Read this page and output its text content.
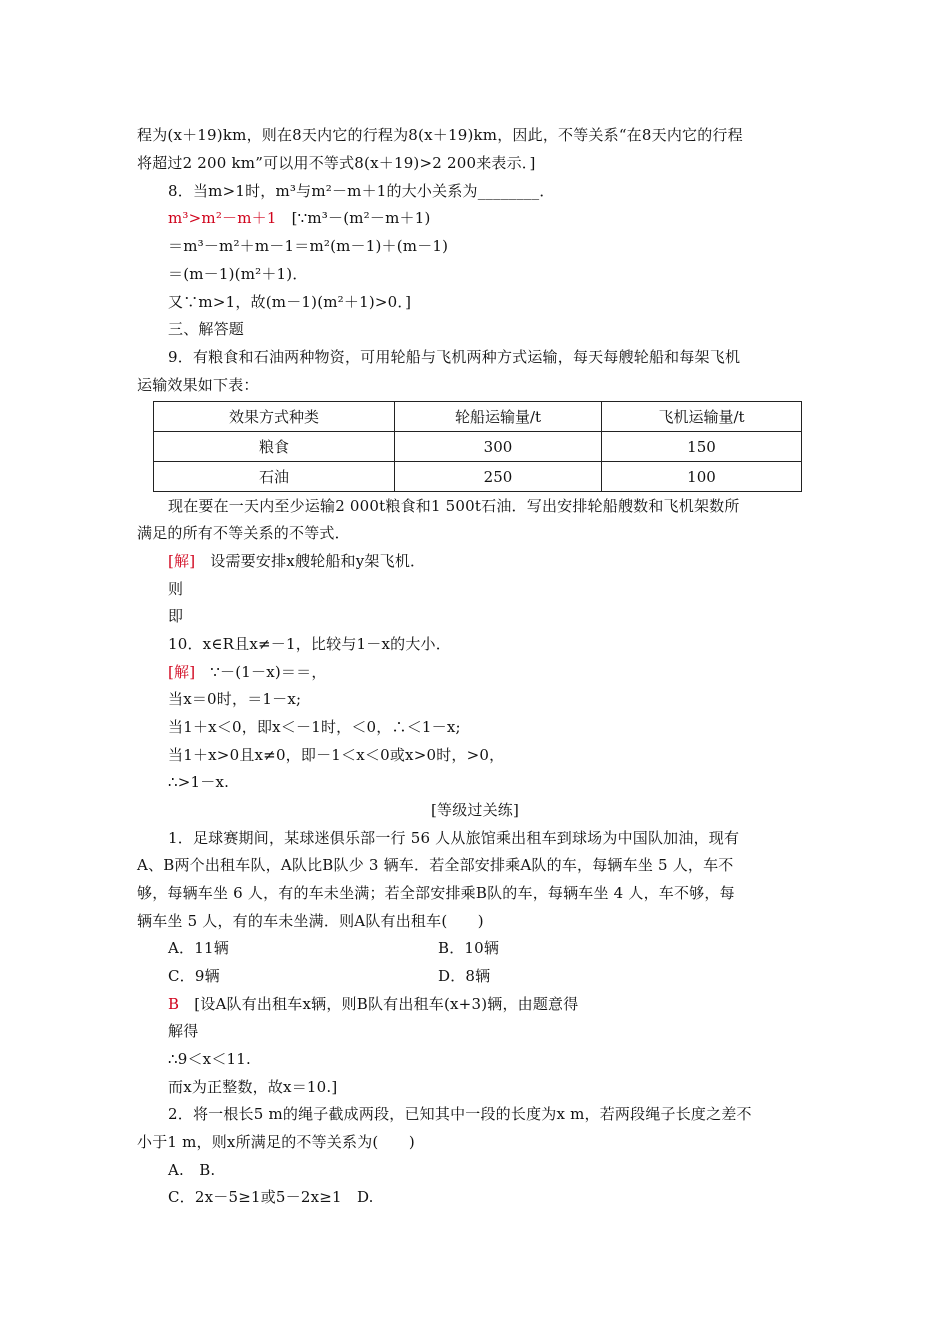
程为(x＋19)km，则在8天内它的行程为8(x＋19)km，因此，不等关系“在8天内它的行程
将超过2 200 km”可以用不等式8(x＋19)>2 200来表示．]
8．当m>1时，m³与m²－m＋1的大小关系为________．
m³>m²－m＋1 [∵m³－(m²－m＋1)
＝m³－m²＋m－1＝m²(m－1)＋(m－1)
＝(m－1)(m²＋1)．
又∵m>1，故(m－1)(m²＋1)>0．]
三、解答题
9．有粮食和石油两种物资，可用轮船与飞机两种方式运输，每天每艘轮船和每架飞机
运输效果如下表：
效果方式种类	轮船运输量/t	飞机运输量/t
粮食	300	150
石油	250	100
现在要在一天内至少运输2 000t粮食和1 500t石油．写出安排轮船艘数和飞机架数所
满足的所有不等关系的不等式．
[解] 设需要安排x艘轮船和y架飞机．
则
即
10．x∈R且x≠－1，比较与1－x的大小．
[解] ∵－(1－x)＝＝，
当x＝0时，＝1－x;
当1＋x＜0，即x＜－1时，＜0，∴＜1－x;
当1＋x>0且x≠0，即－1＜x＜0或x>0时，>0，
∴>1－x.
[等级过关练]
1．足球赛期间，某球迷俱乐部一行 56 人从旅馆乘出租车到球场为中国队加油，现有
A、B两个出租车队，A队比B队少 3 辆车．若全部安排乘A队的车，每辆车坐 5 人，车不
够，每辆车坐 6 人，有的车未坐满；若全部安排乘B队的车，每辆车坐 4 人，车不够，每
辆车坐 5 人，有的车未坐满．则A队有出租车(　　)
A．11辆	B．10辆
C．9辆	D．8辆
B [设A队有出租车x辆，则B队有出租车(x+3)辆，由题意得
解得
∴9＜x＜11.
而x为正整数，故x＝10.]
2．将一根长5 m的绳子截成两段，已知其中一段的长度为x m，若两段绳子长度之差不
小于1 m，则x所满足的不等关系为(　　)
A.　B.
C．2x－5≥1或5－2x≥1　D.
